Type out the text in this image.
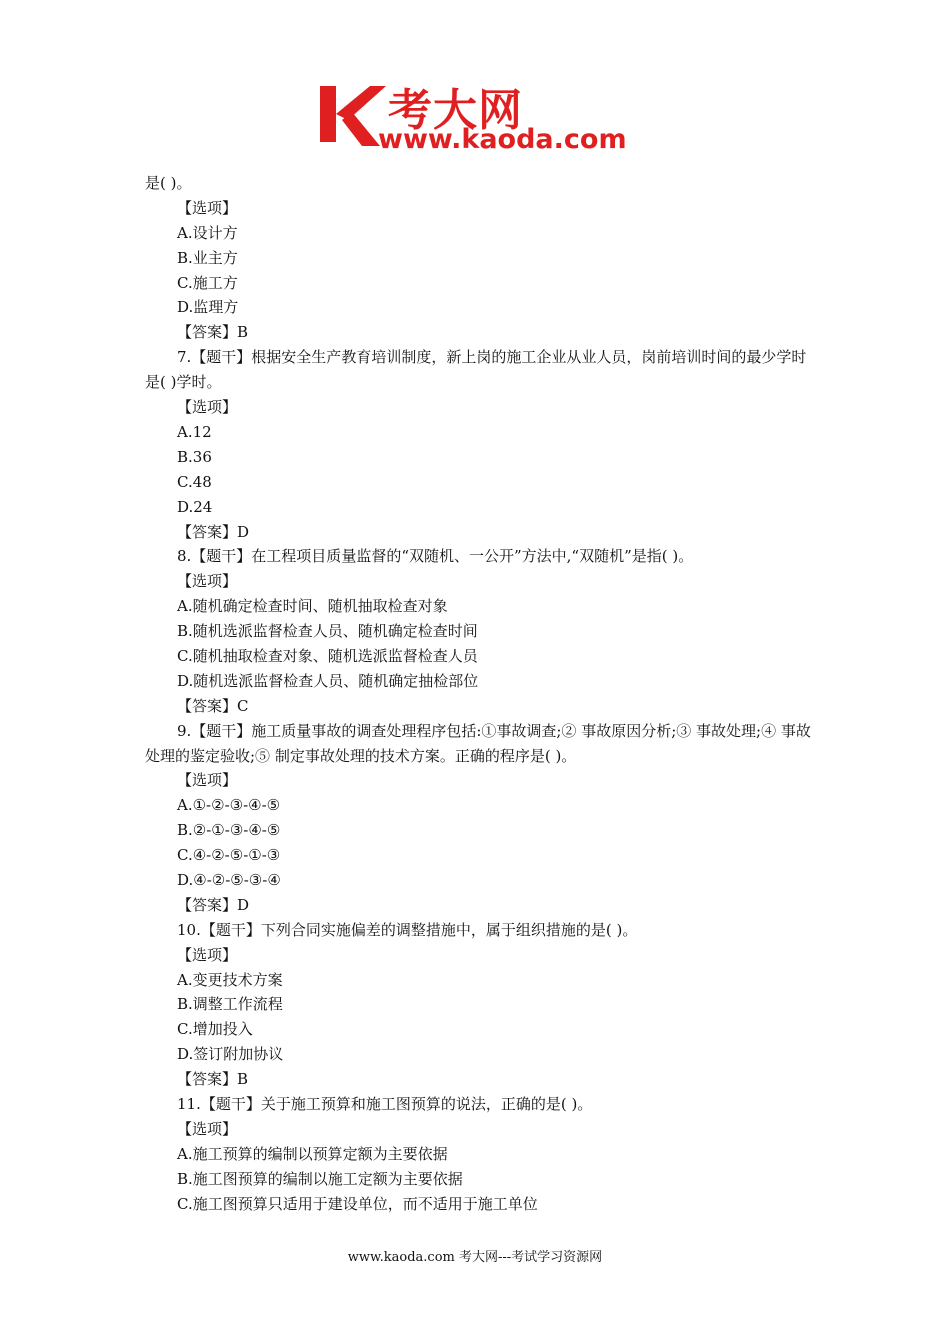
考大网
www.kaoda.com
是( )。
【选项】
A.设计方
B.业主方
C.施工方
D.监理方
【答案】B
7.【题干】根据安全生产教育培训制度，新上岗的施工企业从业人员，岗前培训时间的最少学时是( )学时。
【选项】
A.12
B.36
C.48
D.24
【答案】D
8.【题干】在工程项目质量监督的“双随机、一公开”方法中,“双随机”是指( )。
【选项】
A.随机确定检查时间、随机抽取检查对象
B.随机选派监督检查人员、随机确定检查时间
C.随机抽取检查对象、随机选派监督检查人员
D.随机选派监督检查人员、随机确定抽检部位
【答案】C
9.【题干】施工质量事故的调查处理程序包括:①事故调查;② 事故原因分析;③ 事故处理;④ 事故处理的鉴定验收;⑤ 制定事故处理的技术方案。正确的程序是( )。
【选项】
A.①-②-③-④-⑤
B.②-①-③-④-⑤
C.④-②-⑤-①-③
D.④-②-⑤-③-④
【答案】D
10.【题干】下列合同实施偏差的调整措施中，属于组织措施的是( )。
【选项】
A.变更技术方案
B.调整工作流程
C.增加投入
D.签订附加协议
【答案】B
11.【题干】关于施工预算和施工图预算的说法，正确的是( )。
【选项】
A.施工预算的编制以预算定额为主要依据
B.施工图预算的编制以施工定额为主要依据
C.施工图预算只适用于建设单位，而不适用于施工单位
www.kaoda.com 考大网---考试学习资源网
